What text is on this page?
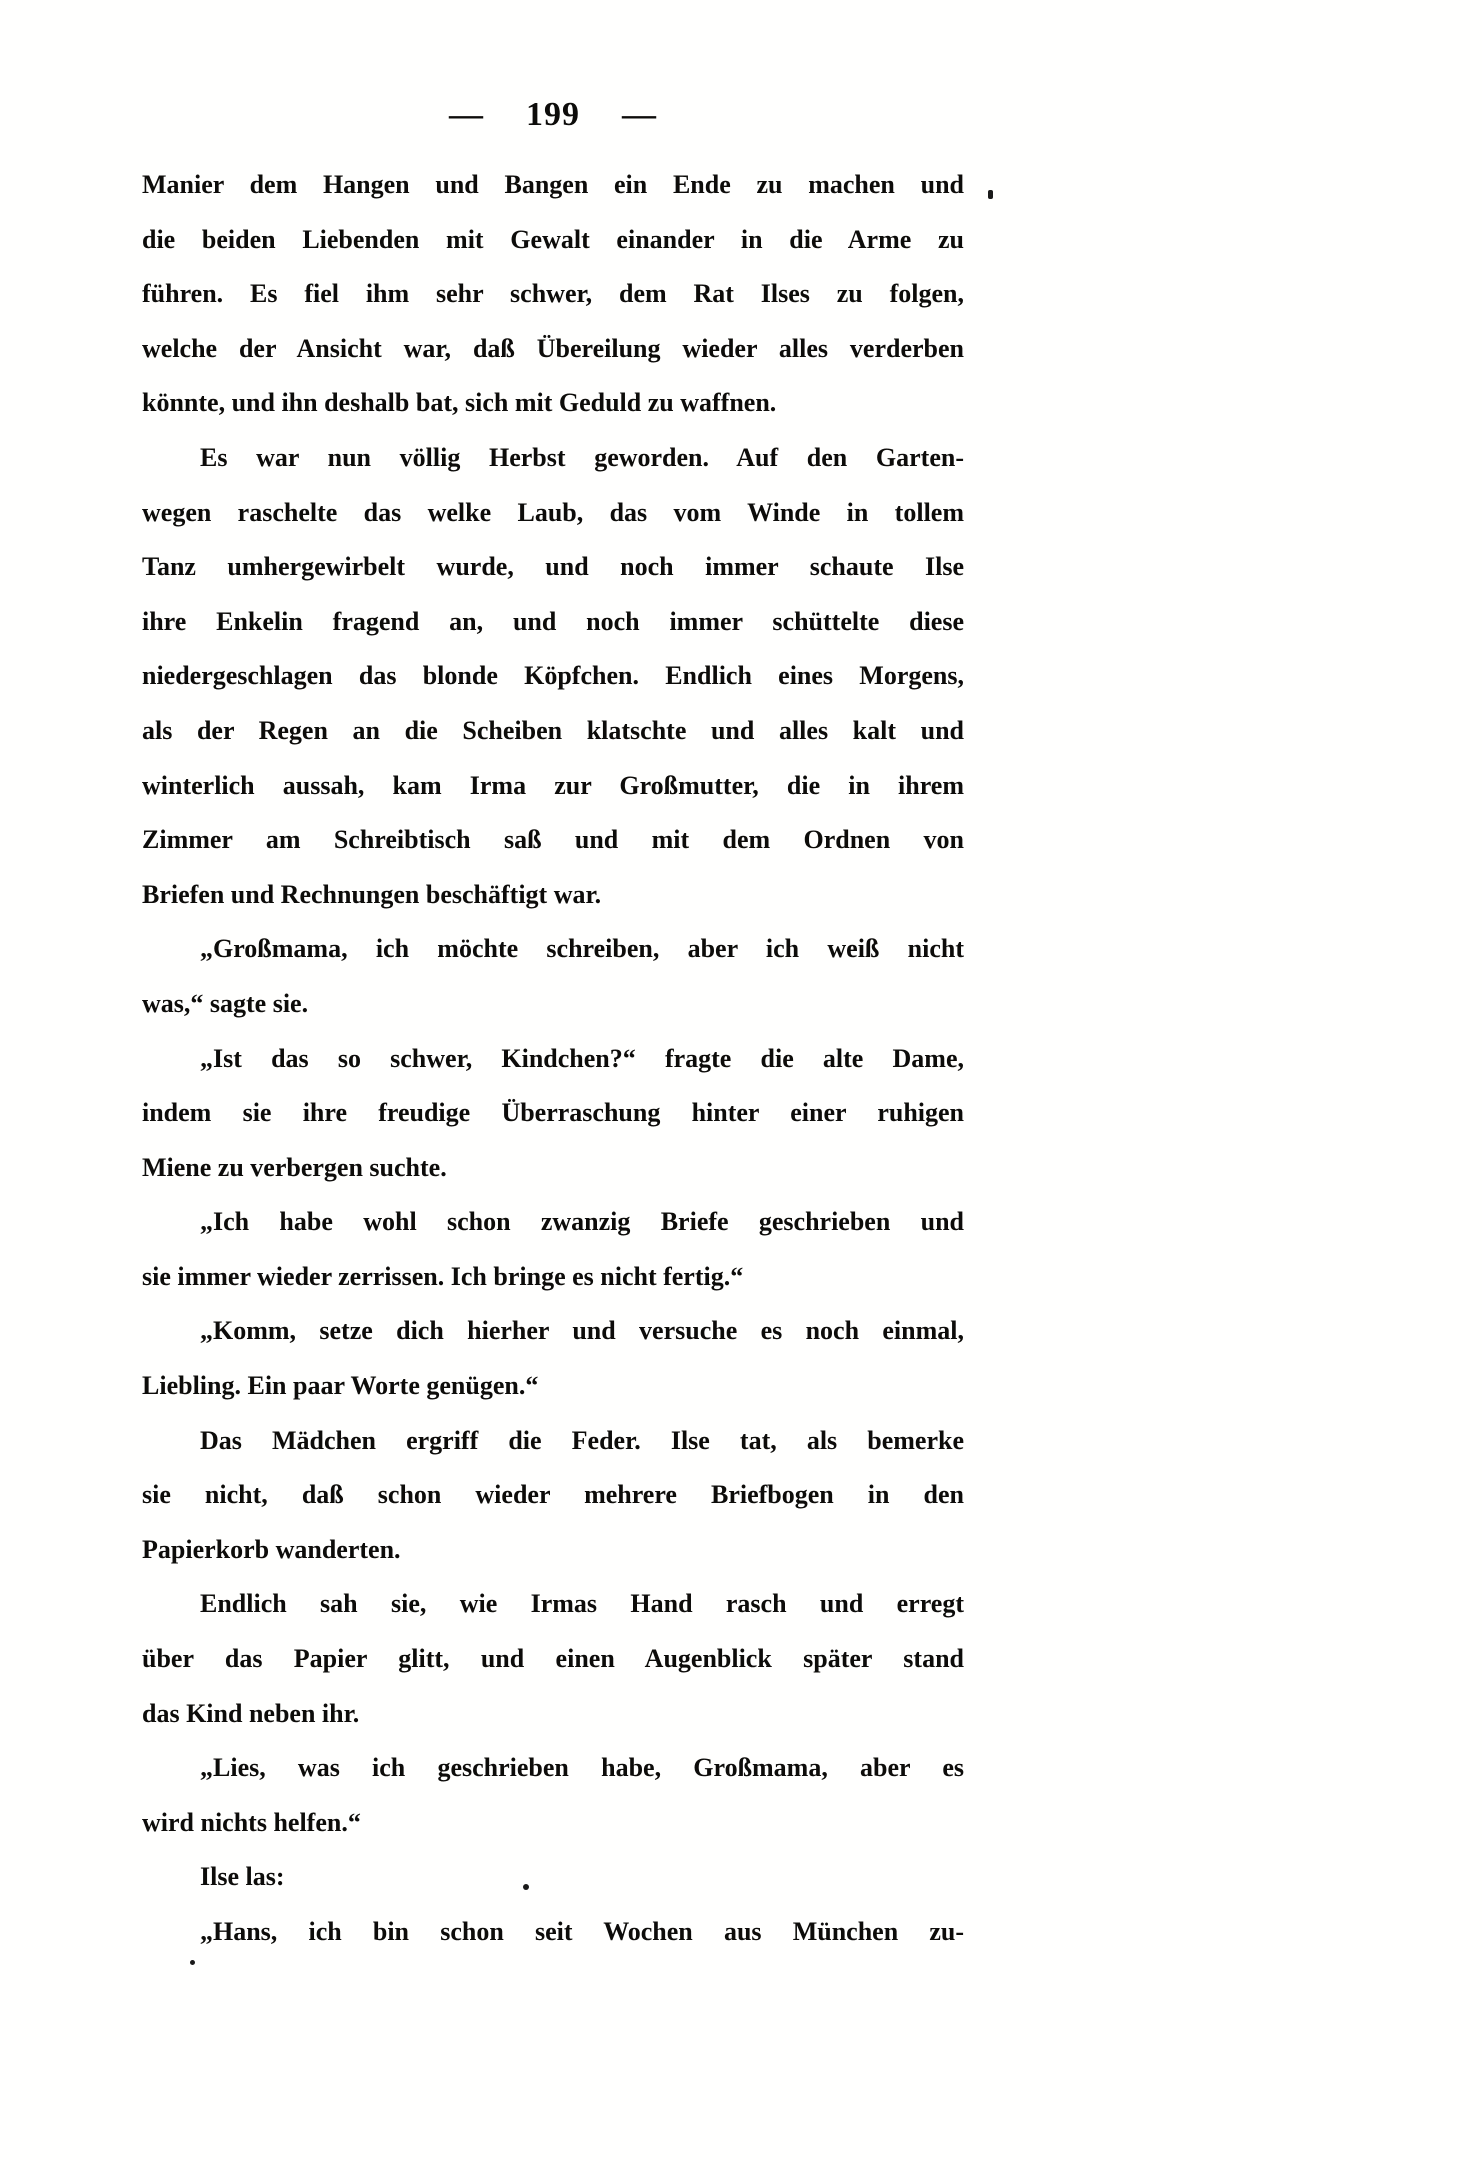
— 199 —
Manier dem Hangen und Bangen ein Ende zu machen und
die beiden Liebenden mit Gewalt einander in die Arme zu
führen. Es fiel ihm sehr schwer, dem Rat Ilses zu folgen,
welche der Ansicht war, daß Übereilung wieder alles verderben
könnte, und ihn deshalb bat, sich mit Geduld zu waffnen.
Es war nun völlig Herbst geworden. Auf den Garten-
wegen raschelte das welke Laub, das vom Winde in tollem
Tanz umhergewirbelt wurde, und noch immer schaute Ilse
ihre Enkelin fragend an, und noch immer schüttelte diese
niedergeschlagen das blonde Köpfchen. Endlich eines Morgens,
als der Regen an die Scheiben klatschte und alles kalt und
winterlich aussah, kam Irma zur Großmutter, die in ihrem
Zimmer am Schreibtisch saß und mit dem Ordnen von
Briefen und Rechnungen beschäftigt war.
„Großmama, ich möchte schreiben, aber ich weiß nicht
was,“ sagte sie.
„Ist das so schwer, Kindchen?“ fragte die alte Dame,
indem sie ihre freudige Überraschung hinter einer ruhigen
Miene zu verbergen suchte.
„Ich habe wohl schon zwanzig Briefe geschrieben und
sie immer wieder zerrissen. Ich bringe es nicht fertig.“
„Komm, setze dich hierher und versuche es noch einmal,
Liebling. Ein paar Worte genügen.“
Das Mädchen ergriff die Feder. Ilse tat, als bemerke
sie nicht, daß schon wieder mehrere Briefbogen in den
Papierkorb wanderten.
Endlich sah sie, wie Irmas Hand rasch und erregt
über das Papier glitt, und einen Augenblick später stand
das Kind neben ihr.
„Lies, was ich geschrieben habe, Großmama, aber es
wird nichts helfen.“
Ilse las:
„Hans, ich bin schon seit Wochen aus München zu-
